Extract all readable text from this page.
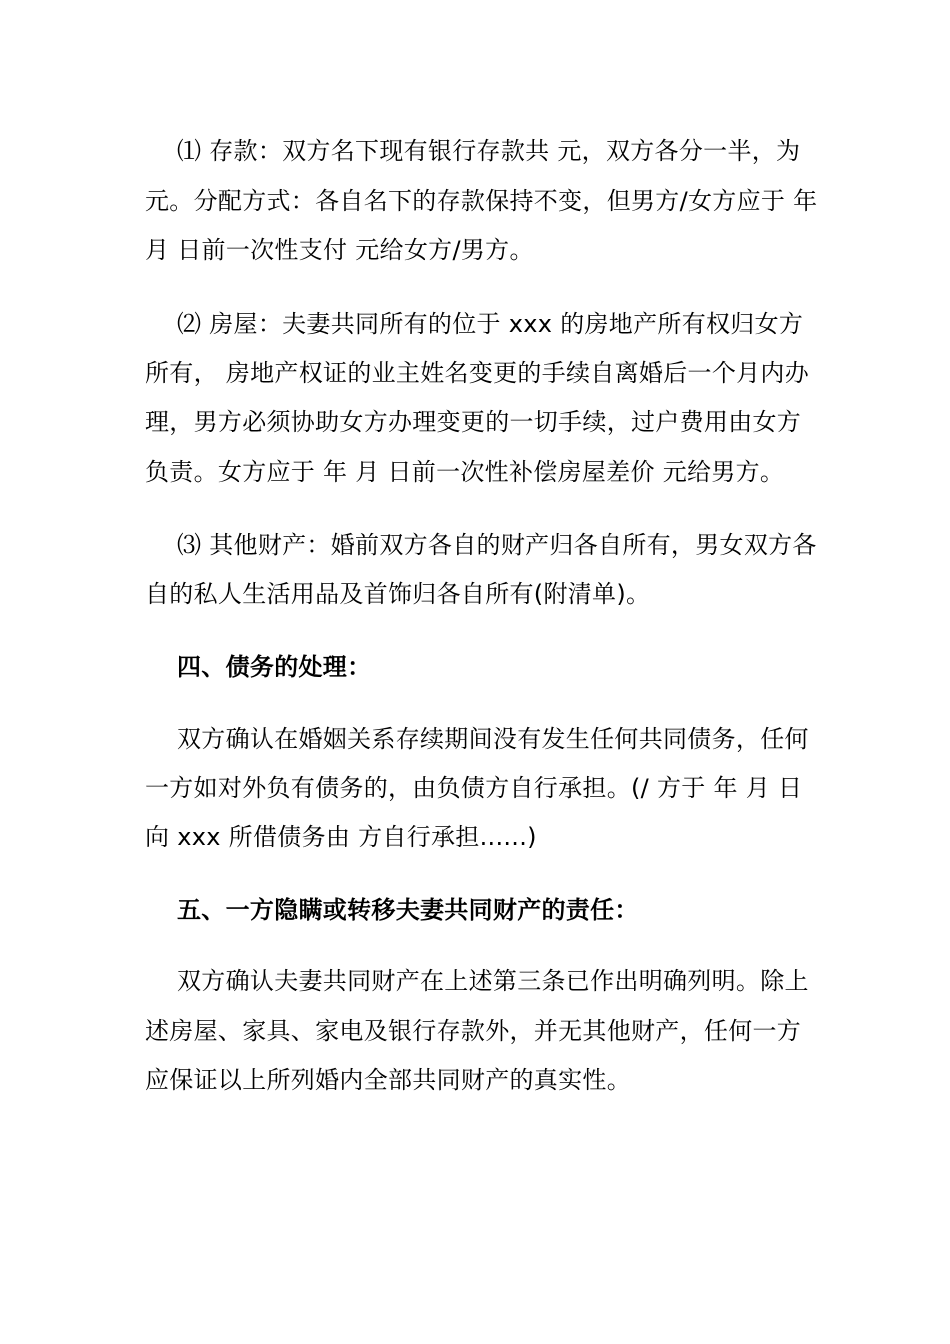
⑴ 存款：双方名下现有银行存款共 元，双方各分一半，为
元。分配方式：各自名下的存款保持不变，但男方/女方应于 年
月 日前一次性支付 元给女方/男方。
⑵ 房屋：夫妻共同所有的位于 xxx 的房地产所有权归女方
所有， 房地产权证的业主姓名变更的手续自离婚后一个月内办
理，男方必须协助女方办理变更的一切手续，过户费用由女方
负责。女方应于 年 月 日前一次性补偿房屋差价 元给男方。
⑶ 其他财产：婚前双方各自的财产归各自所有，男女双方各
自的私人生活用品及首饰归各自所有(附清单)。
四、债务的处理：
双方确认在婚姻关系存续期间没有发生任何共同债务，任何
一方如对外负有债务的，由负债方自行承担。(/ 方于 年 月 日
向 xxx 所借债务由 方自行承担......)
五、一方隐瞒或转移夫妻共同财产的责任：
双方确认夫妻共同财产在上述第三条已作出明确列明。除上
述房屋、家具、家电及银行存款外，并无其他财产，任何一方
应保证以上所列婚内全部共同财产的真实性。
